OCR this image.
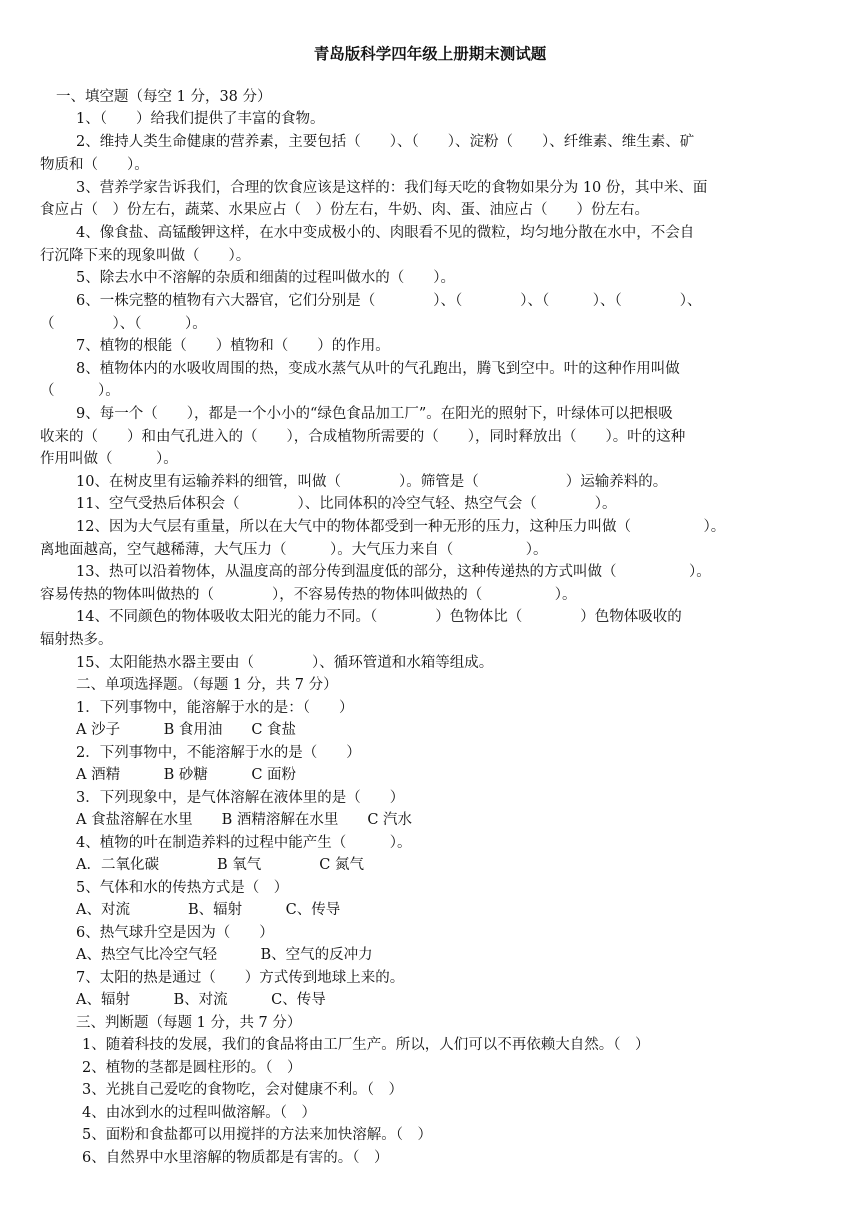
青岛版科学四年级上册期末测试题
一、填空题（每空 1 分，38 分）
1、（　　）给我们提供了丰富的食物。
2、维持人类生命健康的营养素，主要包括（　　）、（　　）、淀粉（　　）、纤维素、维生素、矿
物质和（　　）。
3、营养学家告诉我们，合理的饮食应该是这样的：我们每天吃的食物如果分为 10 份，其中米、面
食应占（　）份左右，蔬菜、水果应占（　）份左右，牛奶、肉、蛋、油应占（　　）份左右。
4、像食盐、高锰酸钾这样，在水中变成极小的、肉眼看不见的微粒，均匀地分散在水中，不会自
行沉降下来的现象叫做（　　）。
5、除去水中不溶解的杂质和细菌的过程叫做水的（　　）。
6、一株完整的植物有六大器官，它们分别是（　　　　）、（　　　　）、（　　　）、（　　　　）、
（　　　　）、（　　　）。
7、植物的根能（　　）植物和（　　）的作用。
8、植物体内的水吸收周围的热，变成水蒸气从叶的气孔跑出，腾飞到空中。叶的这种作用叫做
（　　　）。
9、每一个（　　），都是一个小小的“绿色食品加工厂”。在阳光的照射下，叶绿体可以把根吸
收来的（　　）和由气孔进入的（　　），合成植物所需要的（　　），同时释放出（　　）。叶的这种
作用叫做（　　　）。
10、在树皮里有运输养料的细管，叫做（　　　　）。筛管是（　　　　　　）运输养料的。
11、空气受热后体积会（　　　　）、比同体积的冷空气轻、热空气会（　　　　）。
12、因为大气层有重量，所以在大气中的物体都受到一种无形的压力，这种压力叫做（　　　　　）。
离地面越高，空气越稀薄，大气压力（　　　）。大气压力来自（　　　　　）。
13、热可以沿着物体，从温度高的部分传到温度低的部分，这种传递热的方式叫做（　　　　　）。
容易传热的物体叫做热的（　　　　），不容易传热的物体叫做热的（　　　　　）。
14、不同颜色的物体吸收太阳光的能力不同。（　　　　）色物体比（　　　　）色物体吸收的
辐射热多。
15、太阳能热水器主要由（　　　　）、循环管道和水箱等组成。
二、单项选择题。（每题 1 分，共 7 分）
1．下列事物中，能溶解于水的是：（　　）
A 沙子　　　B 食用油　　C 食盐
2．下列事物中，不能溶解于水的是（　　）
A 酒精　　　B 砂糖　　　C 面粉
3．下列现象中，是气体溶解在液体里的是（　　）
A 食盐溶解在水里　　B 酒精溶解在水里　　C 汽水
4、植物的叶在制造养料的过程中能产生（　　　）。
A．二氧化碳　　　　B 氧气　　　　C 氮气
5、气体和水的传热方式是（　）
A、对流　　　　B、辐射　　　C、传导
6、热气球升空是因为（　　）
A、热空气比冷空气轻　　　B、空气的反冲力
7、太阳的热是通过（　　）方式传到地球上来的。
A、辐射　　　B、对流　　　C、传导
三、判断题（每题 1 分，共 7 分）
1、随着科技的发展，我们的食品将由工厂生产。所以，人们可以不再依赖大自然。（　）
2、植物的茎都是圆柱形的。（　）
3、光挑自己爱吃的食物吃，会对健康不利。（　）
4、由冰到水的过程叫做溶解。（　）
5、面粉和食盐都可以用搅拌的方法来加快溶解。（　）
6、自然界中水里溶解的物质都是有害的。（　）
